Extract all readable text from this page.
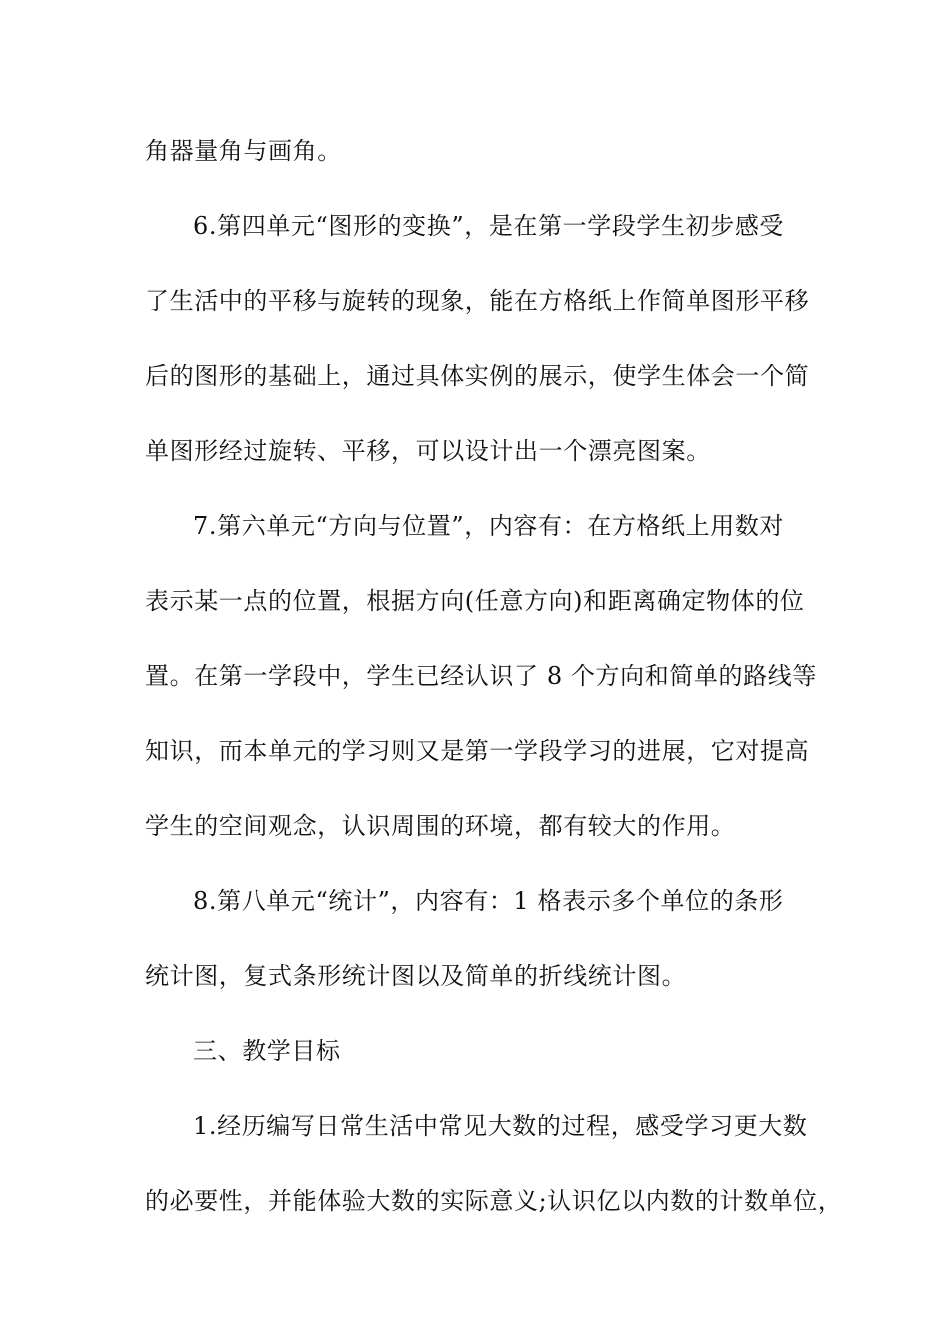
角器量角与画角。
6.第四单元“图形的变换”，是在第一学段学生初步感受
了生活中的平移与旋转的现象，能在方格纸上作简单图形平移
后的图形的基础上，通过具体实例的展示，使学生体会一个简
单图形经过旋转、平移，可以设计出一个漂亮图案。
7.第六单元“方向与位置”，内容有：在方格纸上用数对
表示某一点的位置，根据方向(任意方向)和距离确定物体的位
置。在第一学段中，学生已经认识了 8 个方向和简单的路线等
知识，而本单元的学习则又是第一学段学习的进展，它对提高
学生的空间观念，认识周围的环境，都有较大的作用。
8.第八单元“统计”，内容有：1 格表示多个单位的条形
统计图，复式条形统计图以及简单的折线统计图。
三、教学目标
1.经历编写日常生活中常见大数的过程，感受学习更大数
的必要性，并能体验大数的实际意义;认识亿以内数的计数单位，
